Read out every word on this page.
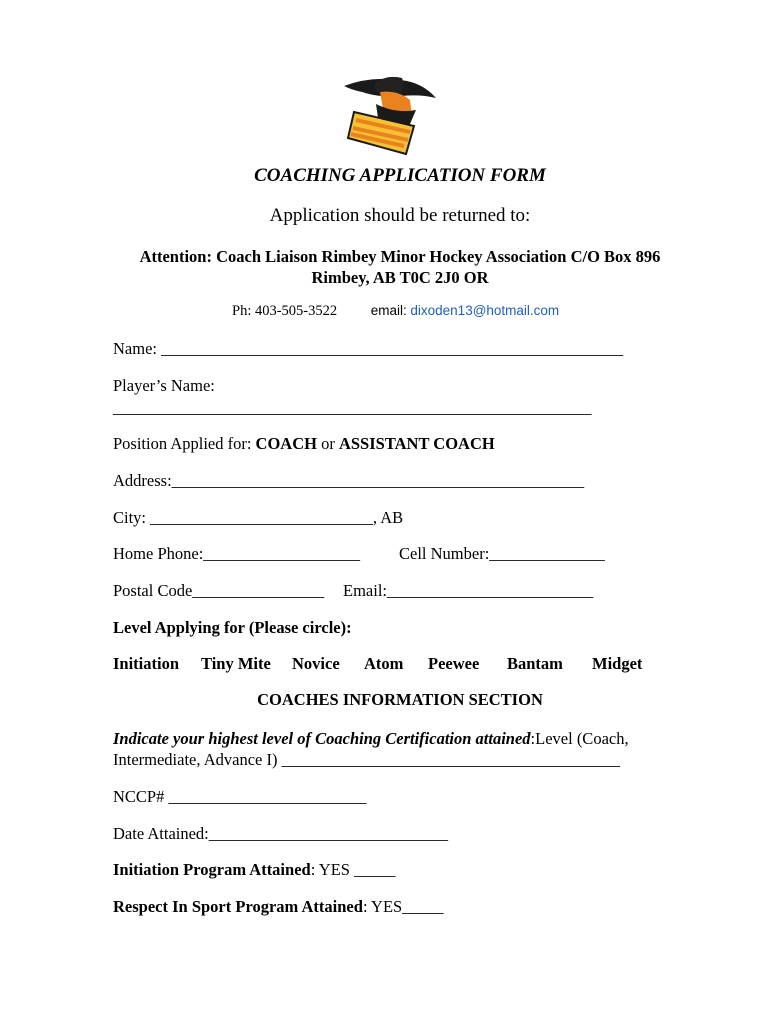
COACHING APPLICATION FORM
Application should be returned to:
Attention: Coach Liaison Rimbey Minor Hockey Association C/O Box 896
Rimbey, AB T0C 2J0 OR
Ph: 403-505-3522 email: dixoden13@hotmail.com
Name: ________________________________________________________
Player’s Name:
__________________________________________________________
Position Applied for: COACH or ASSISTANT COACH
Address:__________________________________________________
City: ___________________________, AB
Home Phone:___________________ Cell Number:______________
Postal Code________________ Email:_________________________
Level Applying for (Please circle):
Initiation Tiny Mite Novice Atom Peewee Bantam Midget
COACHES INFORMATION SECTION
Indicate your highest level of Coaching Certification attained:Level (Coach,
Intermediate, Advance I) _________________________________________
NCCP# ________________________
Date Attained:_____________________________
Initiation Program Attained: YES _____
Respect In Sport Program Attained: YES_____
